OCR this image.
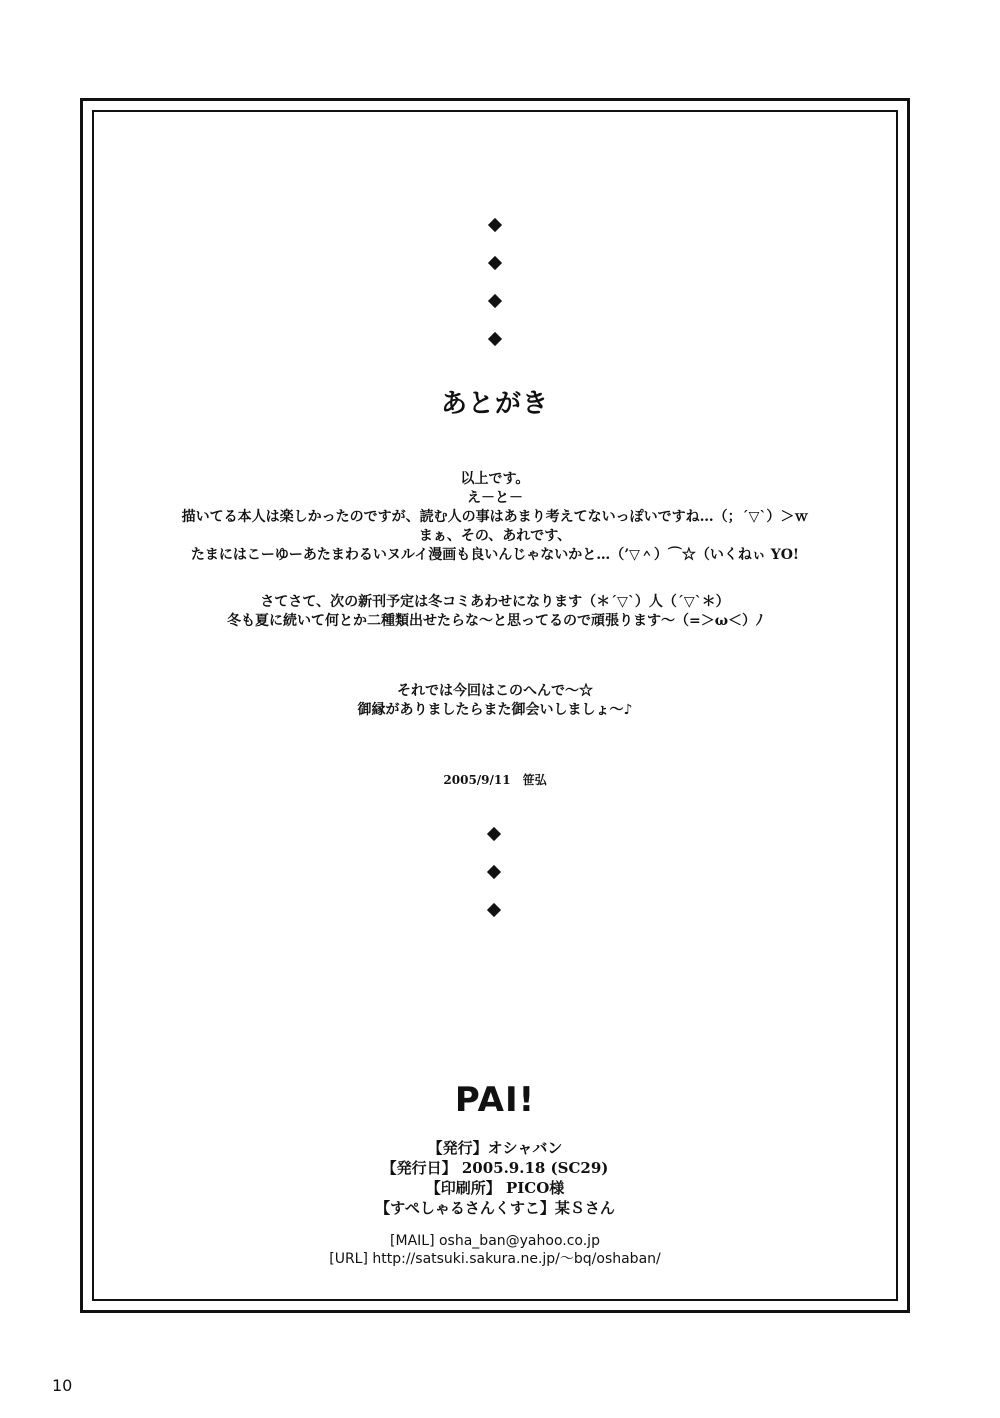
あとがき
以上です。
え－と－
描いてる本人は楽しかったのですが、読む人の事はあまり考えてないっぽいですね…（；´▽`）＞ｗ
まぁ、その、あれです、
たまにはこーゆーあたまわるいヌルイ漫画も良いんじゃないかと…（’▽＾）⌒☆（いくねぃ YO!
さてさて、次の新刊予定は冬コミあわせになります（＊´▽`）人（´▽`＊）
冬も夏に続いて何とか二種類出せたらな～と思ってるので頑張ります～（=＞ω＜）ﾉ
それでは今回はこのへんで～☆
御縁がありましたらまた御会いしましょ～♪
2005/9/11　笹弘
PAI!
【発行】オシャバン
【発行日】 2005.9.18 (SC29)
【印刷所】 PICO様
【すぺしゃるさんくすこ】某Ｓさん
[MAIL] osha_ban@yahoo.co.jp
[URL] http://satsuki.sakura.ne.jp/～bq/oshaban/
10
